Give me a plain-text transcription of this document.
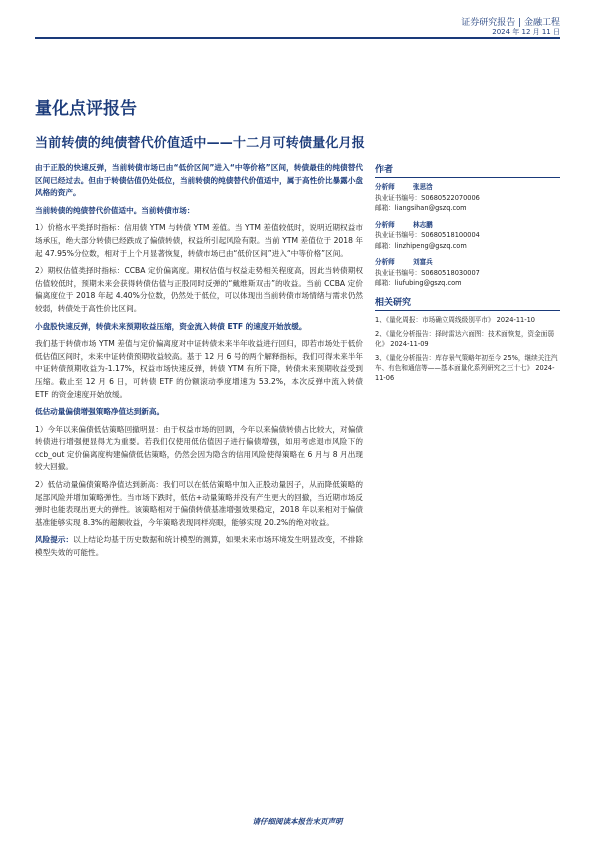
证券研究报告 | 金融工程
2024 年 12 月 11 日
量化点评报告
当前转债的纯债替代价值适中——十二月可转债量化月报

由于正股的快速反弹，当前转债市场已由“低价区间”进入“中等价格”区间，转债最佳的纯债替代区间已经过去。但由于转债估值仍处低位，当前转债的纯债替代价值适中，属于高性价比暴露小盘风格的资产。

当前转债的纯债替代价值适中。当前转债市场：

1）价格水平类择时指标：信用债 YTM 与转债 YTM 差值。当 YTM 差值较低时，说明近期权益市场承压，绝大部分转债已经跌成了偏债转债，权益所引起风险有限。当前 YTM 差值位于 2018 年起 47.95%分位数，相对于上个月显著恢复，转债市场已由“低价区间”进入“中等价格”区间。

2）期权估值类择时指标：CCBA 定价偏离度。期权估值与权益走势相关程度高，因此当转债期权估值较低时，预期未来会获得转债估值与正股同时反弹的“戴维斯双击”的收益。当前 CCBA 定价偏离度位于 2018 年起 4.40%分位数，仍然处于低位，可以体现出当前转债市场情绪与需求仍然较弱，转债处于高性价比区间。

小盘股快速反弹，转债未来预期收益压缩，资金流入转债 ETF 的速度开始放缓。

我们基于转债市场 YTM 差值与定价偏离度对中证转债未来半年收益进行回归，即若市场处于低价低估值区间时，未来中证转债预期收益较高。基于 12 月 6 号的两个解释指标，我们可得未来半年中证转债预期收益为-1.17%，权益市场快速反弹，转债 YTM 有所下降，转债未来预期收益受到压缩。截止至 12 月 6 日，可转债 ETF 的份额滚动季度增速为 53.2%，本次反弹中流入转债 ETF 的资金速度开始放缓。

低估动量偏债增强策略净值达到新高。

1）今年以来偏债低估策略回撤明显：由于权益市场的回调，今年以来偏债转债占比较大，对偏债转债进行增强便显得尤为重要。若我们仅使用低估值因子进行偏债增强，如用考虑退市风险下的 ccb_out 定价偏离度构建偏债低估策略，仍然会因为隐含的信用风险使得策略在 6 月与 8 月出现较大回撤。

2）低估动量偏债策略净值达到新高：我们可以在低估策略中加入正股动量因子，从而降低策略的尾部风险并增加策略弹性。当市场下跌时，低估+动量策略并没有产生更大的回撤，当近期市场反弹时也能表现出更大的弹性。该策略相对于偏债转债基准增强效果稳定，2018 年以来相对于偏债基准能够实现 8.3%的超额收益，今年策略表现同样亮眼，能够实现 20.2%的绝对收益。

风险提示：以上结论均基于历史数据和统计模型的测算，如果未来市场环境发生明显改变，不排除模型失效的可能性。

作者
分析师	张思浛
执业证书编号：S0680522070006
邮箱：liangsihan@gszq.com
分析师	林志鹏
执业证书编号：S0680518100004
邮箱：linzhipeng@gszq.com
分析师	刘富兵
执业证书编号：S0680518030007
邮箱：liufubing@gszq.com
相关研究
1、《量化周报：市场确立周线级别平市》 2024-11-10
2、《量化分析报告：择时雷达六面图：技术面恢复，资金面弱化》 2024-11-09
3、《量化分析报告：库存景气策略年初至今 25%，继续关注汽车、有色和通信等——基本面量化系列研究之三十七》 2024-11-06
请仔细阅读本报告末页声明
